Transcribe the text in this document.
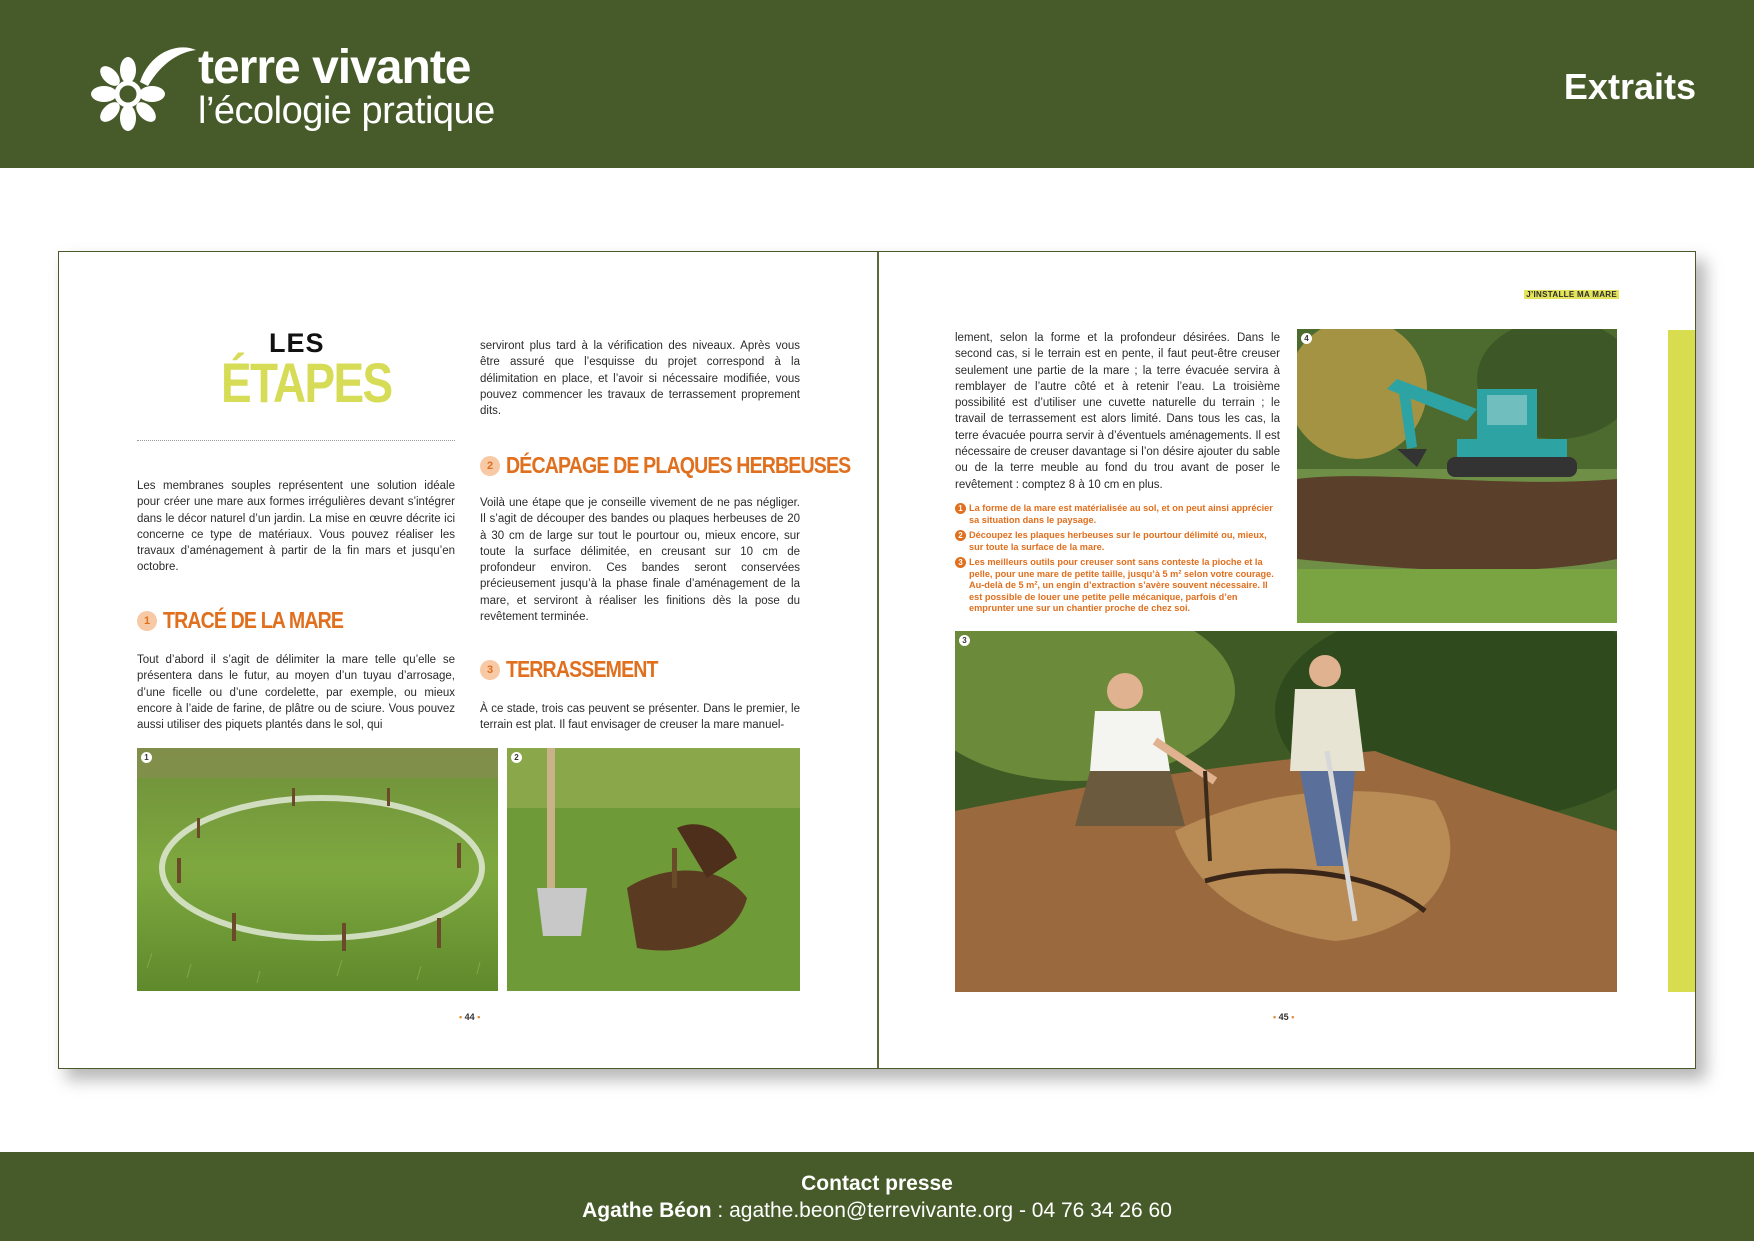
terre vivante
l’écologie pratique
Extraits
LES
ÉTAPES
Les membranes souples représentent une solution idéale pour créer une mare aux formes irrégulières devant s’intégrer dans le décor naturel d’un jardin. La mise en œuvre décrite ici concerne ce type de matériaux. Vous pouvez réaliser les travaux d’aménagement à partir de la fin mars et jusqu’en octobre.
1 TRACÉ DE LA MARE
Tout d’abord il s’agit de délimiter la mare telle qu’elle se présentera dans le futur, au moyen d’un tuyau d’arrosage, d’une ficelle ou d’une cordelette, par exemple, ou mieux encore à l’aide de farine, de plâtre ou de sciure. Vous pouvez aussi utiliser des piquets plantés dans le sol, qui
serviront plus tard à la vérification des niveaux. Après vous être assuré que l’esquisse du projet correspond à la délimitation en place, et l’avoir si nécessaire modifiée, vous pouvez commencer les travaux de terrassement proprement dits.
2 DÉCAPAGE DE PLAQUES HERBEUSES
Voilà une étape que je conseille vivement de ne pas négliger. Il s’agit de découper des bandes ou plaques herbeuses de 20 à 30 cm de large sur tout le pourtour ou, mieux encore, sur toute la surface délimitée, en creusant sur 10 cm de profondeur environ. Ces bandes seront conservées précieusement jusqu’à la phase finale d’aménagement de la mare, et serviront à réaliser les finitions dès la pose du revêtement terminée.
3 TERRASSEMENT
À ce stade, trois cas peuvent se présenter. Dans le premier, le terrain est plat. Il faut envisager de creuser la mare manuel-
1	2
• 44 •
J’INSTALLE MA MARE
lement, selon la forme et la profondeur désirées. Dans le second cas, si le terrain est en pente, il faut peut-être creuser seulement une partie de la mare ; la terre évacuée servira à remblayer de l’autre côté et à retenir l’eau. La troisième possibilité est d’utiliser une cuvette naturelle du terrain ; le travail de terrassement est alors limité. Dans tous les cas, la terre évacuée pourra servir à d’éventuels aménagements. Il est nécessaire de creuser davantage si l’on désire ajouter du sable ou de la terre meuble au fond du trou avant de poser le revêtement : comptez 8 à 10 cm en plus.
1 La forme de la mare est matérialisée au sol, et on peut ainsi apprécier sa situation dans le paysage.
2 Découpez les plaques herbeuses sur le pourtour délimité ou, mieux, sur toute la surface de la mare.
3 Les meilleurs outils pour creuser sont sans conteste la pioche et la pelle, pour une mare de petite taille, jusqu’à 5 m² selon votre courage. Au-delà de 5 m², un engin d’extraction s’avère souvent nécessaire. Il est possible de louer une petite pelle mécanique, parfois d’en emprunter une sur un chantier proche de chez soi.
4
3
• 45 •
Contact presse
Agathe Béon : agathe.beon@terrevivante.org - 04 76 34 26 60
